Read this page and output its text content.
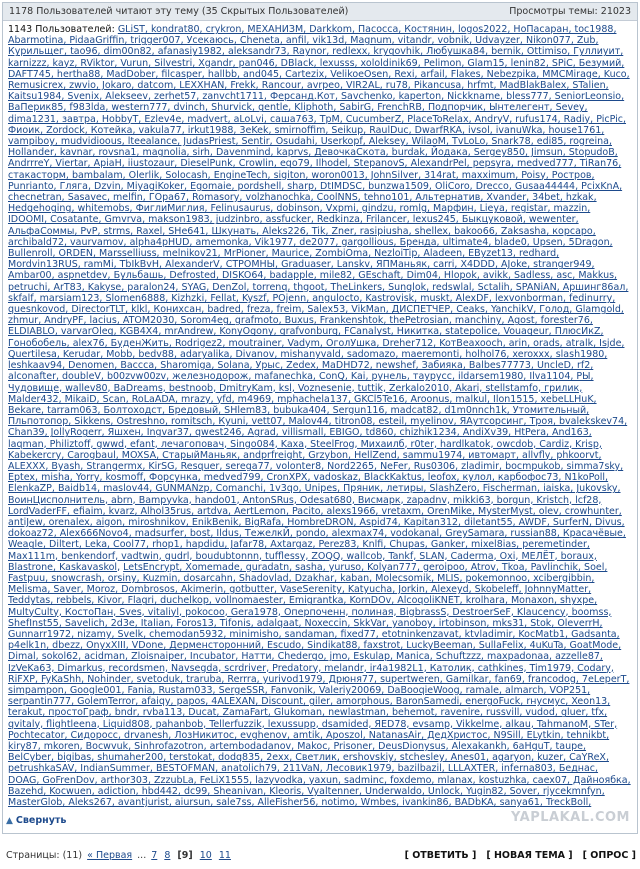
1178 Пользователей читают эту тему (35 Скрытых Пользователей)	Просмотры темы: 21023
1143 Пользователей: GLiST, kondrat80, crykron, МЕХАНИЗМ, Darkkom, Пасосса, Костянин, logos2022, НоПасаран, toc1988, Abarmotina, PidaaGriffin, trigger007, Усекаюсь, Cheneta, anfil, vik13d, Magnum, vitandr, vobnik, Udvayzer, Nikon077, Zub, Курильщег, tao96, dim00n82, afanasiy1982, aleksandr73, Raynor, redlexx, krygovhik, Любушка84, bernik, Ottimiso, Гуллиуит, karnizzz, kayz, RViktor, Vurun, Silvestri, Xgandr, pan046, DBlack, lexusss, xololdinik69, Pelimon, Glam15, lenin82, SPiC, Безумий, DAFT745, hertha88, MadDober, filcasper, hallbb, and045, Cartezix, VelikoeOsen, Rexi, arfail, Flakes, Nebezpika, MMCMirage, Kuco, Remusicrex, zwvio, Jokaro, datcom, LEXXHAN, Frekk, Rancour, avrpeo, VIR2AL, ru78, Pikancusa, hrfmt, MadBlakBalex, STalien, Kaitsu1984, Svenix, Alekseev, zerhet57, zanvcht1711, Ферсанд.Кот, Savchenko, kaperton, Nickkname, bless777, SeniorLeonsio, ВаПерик85, f983lda, western777, dvinch, Shurvick, gentle, Kliphoth, SabirG, FrenchRB, Подпорчик, Ынтелегент, Sevey, dima1231, завтра, HobbyT, Ezlev4e, madvert, aLoLvi, саша763, ТрМ, CucumberZ, PlaceToRelax, AndryV, rufus174, Radiy, PicPic, Фиоик, Zordock, Котейка, vakula77, irkut1988, 3eKek, smirnoffim, Seikup, RaulDuc, DwarfRKA, ivsol, ivanuWka, house1761, vampiboy, mudvidioous, lteealance, JudasPriest, Sentir, Osudahi, Userkopf, Aleksey, WilaoM, TvLoLo, Snark78, edi85, rogreina, Hollander, kavnar, rovsna1, magnolia, sirh, Davenmind, kaprvs, ДевочкаСкота, burdak, Йодака, Sergey850, Jimsun, StopudoB, AndrrreY, Viertar, ApiaH, iiustozaur, DieselPunk, Crowlin, ego79, Ilhodel, StepanovS, AlexandrPel, pepsyra, medved777, TiRan76, стакасторм, bambalam, Olerlik, Solocash, EngineTech, sigiton, woron0013, JohnSilver, 314rat, maxximum, Poisy, Ростров, Punrianto, Гляга, Dzvin, MiyagiKoker, Egomaie, pordshell, sharp, DtIMDSC, bunzwa1509, OliCoro, Drecco, Gusaa44444, PcixKnA, checnetran, Sasavec, melfin, ГОра67, Romasory, volzhanochka, CoolNNS, tehno101, Альтернатив, Xvander, 34bet, hzkak, Hedgehoging, whitemobs, ФиглиМиглия, Felinusaurus, dobinson, Vxpmi, gindzu, romlg, Марфин, Lieya, registar, mazzin, IDOOMI, Cosatante, Gmvrva, makson1983, judzinbro, assfucker, Redkinza, Frilancer, lexus245, Быкцуковой, wewenter, АльфаСоммы, PvP, strms, Raxel, SHe641, Шкунать, Aleks226, Tik, Zner, rasipiusha, shellex, bakoo66, Zaksasha, корсаро, archibald72, vaurvamov, alpha4pHUD, amemonka, Vik1977, de2077, gargollious, Бренда, ultimate4, blade0, Upsen, 5Dragon, Bullenroll, ORDEN, Marsselliuss, melnikov21, MrPioner, Maurice, ZombiOma, NezloiTip, Aladeen, EByzet13, redhard, Mordvin13RUS, ramMi, TbIkBvH, AlexanderV, СТРОМНЫ, Graduaser, Lanskv, ЯПМаньяк, carri, X4DDD, AJoke, stranger949, Ambar00, aspnetdev, Бульбашь, Defrosted, DISKO64, badapple, mile82, GEschaft, Dim04, Hlopok, avikk, Sadless, asc, Makkus, petruchi, ArT83, Kakyse, paralon24, SYAG, DenZol, torrenq, thgoot, TheLinkers, Sunglok, redswlal, Sctalih, SPANiAN, Аршинг86ал, skfalf, marsiam123, Slomen6888, Kizhzki, Fellat, Kyszf, POjenn, angulocto, Kastrovisk, muskt, AlexDF, lexvonborman, fedinurry, quesnkovod, DirectorTLT, klkl, Конихсан, badred, freza, freim, Salex53, VikMan, ДИСПЕТЧЕР, Ceaks, YanchikV, Голод, Glamgold, zhmur, AndryPF, lacius, ATOM2030, Sorom4eg, grafmoto, Buxus, Frankenshtok, thePetrosian, manchiny, Agost, forester76, ELDIABLO, varvarOleg, KGB4X4, mrAndrew, KonyOgony, grafvonburg, FCanalyst, Никитка, statepolice, Vouageur, ПлюсИкZ, Гонобобель, alex76, БуденЖить, Rodrigez2, moutrainer, Vadym, ОголУшка, Dreher712, KoтBeaxooch, arin, orads, atralk, Isjde, Quertilesa, Kerudar, Mobb, bedv88, adaryalika, Divanov, mishanyvald, sadomazo, maeremonti, holhol76, xeroxxx, slash1980, leshkaav94, Denomen, Baccca, Sharomiga, Solana, Урыс, Zedex, MaDHD72, newshef, Забияка, Balbes77773, UncleD, rf2, alconafter, doubleV, b00zvw00zv, железнодорож, mafanechka, ConQ, Kai, рунель, таурусс, ildarsem1980, Ilva1104, РЫ, Чудовище, wallev80, BaDreams, bestnoob, DmitryKam, ksl, Voznesenie, tuttik, Zerkalo2010, Akari, stellstamfo, грилик, Malder432, MikaiD, Scan, RoLaADA, mrazy, yfd, m4969, mphachela137, GKCl5Te16, Aroonus, malkul, Ilon1515, xebeLLHuK, Bekare, tarram063, Болтоходст, Бредовый, SHlem83, bubuka404, Sergun116, madcat82, d1m0nnch1k, Утомительный, Пльпотопор, Sikkens, Ostreshno, romitsch, Кyuni, vett07, Malov44, titron08, esteil, myelinov, ЯАутсорсинг, Троя, bvalekskev74, Chan39, JollyRogerr, Яшхен, Ingvar37, qwest246, Agrad, villismall, EBIGO, td860, chizhik1234, AndiXv39, HtPera, And163, laqman, Philiztoff, gwwd, efant, лечагоповач, Singo084, Kaxa, SteelFrog, Михаилб, r0ter, hardlkatok, owcdob, Cardiz, Krisp, Kabekercry, Carogbaul, MOXSA, СтарыйМаньяк, andprfreight, Grzybon, HellZend, sammu1974, ивтомарт, allvfly, phkoorvt, ALEXXX, Byash, Strangermx, KirSG, Resquer, serega77, volonter8, Nord2265, NeFer, Rus0306, zladimir, bocmpukob, simma7sky, Eptex, misha, Yorry, kosmoff, Форсунка, medved799, CronXPX, vadoskaz, BlackKaktus, leofox, кулол, карбофос73, N1koPoll, ElenkaZP, Baidb14, maslov44, GUNMANzp, Comanchi, 1v3qo, Unipes, Пряник, летиры, SlashZero, Fischerman, iaiska, Jukovsky, ВоинЦисполнитель, abrn, Bampyvka, hando01, AntonSRus, Odesat680, Висмарк, zapadnv, mikki63, borgun, Kristch, lcf28, LordVaderFF, efiaim, kvarz, Alhol35rus, artdva, AertLemon, Pacito, alexs1966, vretaxm, OrenMike, MysterMyst, olev, crowhunter, antiJew, orenalex, aigon, miroshnikov, EnikBenik, BigRafa, HombreDRON, Aspid74, Kapitan312, diletant55, AWDF, SurferN, Divus, dokoaz72, Alex666Novo4, madsurfer, bost, Ildus, ТежелкЙ, pondo, alexmax74, vodokanal, GreySamara, russian88, Красачёвые, Weagle, Diltert, Leka, Cool77, rhop1, hapdidu, Jafar78, Axtargaz, Perez83, Knlfi, Chupas, Ganker, mixel8ias, peremetinder, Max111m, benkendorf, vadtwin, gudrl, boudubtonnn, tufflessy, ZOQQ, wallcob, Tankf, SLAN, Caderma, Oxi, МЕЛЁТ, boraux, Blastrone, Kaskavaskol, LetsEncrypt, Xomemade, guradatn, sasha, yuruso, Kolyan777, geroipoo, Atrov, Tkoa, Pavlinchik, Soel, Fastpuu, snowcrash, orsiny, Kuzmin, dosarcahn, Shadovlad, Dzakhar, kaban, Molecsomik, MLIS, pokemonnoo, xcibergibbin, Melisma, Saver, Moroz, Dombrosos, Akimerin, gotbutter, VaseSerenity, Katyucha, Jorkin, Alexeyd, Skobeleff, JohnnyMatter, Teddytas, rebbels, Kivor, Flagri, duchelkop, vollnomaester, Emigrantka, KornDOv, AlcoqoliKNET, krolhara, Monaxon, shyxpe, MultyCulty, КостоПан, Sves, vitaliyl, pokocoo, Gera1978, Оперпоченн, полиная, BigbrassS, DestroerSeF, Klaucency, boomss, ShefInst55, Savelich, 2d3e, Italian, Foros13, Tifonis, adalqaat, Noxeccin, SkkVar, yanoboy, irtobinson, mks31, Stok, OleverrH, Gunnarr1972, nizamy, Svelk, chemodan5932, minimisho, sandaman, fixed77, etotninkenzavat, ktvladimir, KocMatb1, Gadsanta, p4elk1n, dbezz, OnyxXIII, VDone, Дерменсторонний, Escudo, Sindikat88, faxstrot, LuckyBeeman, SullaFelix, 4uKuTa, GoatMode, Dimal, sokol62, acidman, Zloisnaiper, Incubator, Натти, Chedergo, jmo, Eskulap, Manica, Schuftzzz, maxpadonaa, azzelle87, IzVeKa63, Dimarkus, recordsmen, Navsegda, scrdriver, Predatory, melandr, ir4a1982L1, Католик, cathkines, Tim1979, Codary, RiFXP, FyKaShh, Nohinder, svetoduk, traruba, Rerrra, yurivod1979, Дрюня77, supertweren, Gamilkar, fan69, francodog, 7eLeperT, simpampon, Google001, Fania, Rustam033, SergeSSR, Fanvonik, Valeriy20069, DaBooqieWoog, ramale, almarch, VOP251, serpantin777, GolemTerror, afaiqy, papos, 4ALEXAN, Discount, giler, amorphous, BaronSamedi, energoFuck, rнусмус, Xeon13, terakut, простоГраф, bndr, rvba113, Ducat, ZamaFart, Glukoman, newlastman, behemot, ravenire, russvill, vudod, gluer, tfx, qvitaly, flightleena, Liquid808, pahanbob, Tellerfuzzik, lexussupp, dsamided, ЯЕD78, evsamp, Vikkelme, alkau, TahmanoM, STer, Pochtecator, Сидоросс, drvanesh, ЛозНикитос, evghenov, amtik, Aposzol, NatanasAir, ДедХристос, N9Sill, ELytkin, tehnikbt, kiry87, mkoren, Bocwvuk, Sinhrofazotron, artembodadanov, Makoc, Prisoner, DeusDionysus, Alexakankh, 6aHguT, taupe, BelCyber, bigibas, shumaher200, terstokat, dodq835, 2exx, Светлик, ershovskiy, stchesley, Anes01, agaryon, kuzer, CaYReX, petrushkaSAV, IndianSummer, BESTOFMAN, anatolich79, 211VaN, Лесовик1979, bazilbazil, LLLAXTER, inferna803, Беднас, DOAG, GoFrenDov, arthor303, ZzzubLa, FeLiX1555, lazyvodka, yaxun, sadminc, foxdemo, mlanax, kostuzhka, caex07, Дайноябка, Bazehd, Kocwuen, adiction, hbd442, dc99, Sheanivan, Kleoris, Vyaltenner, Underwaldo, Unlock, Yugin82, Sover, rjycekmnfyn, MasterGlob, Aleks267, avantjurist, aiursun, sale7ss, AlleFisher56, notimo, Wmbes, ivankin86, BADbKA, sanya61, TreckBoll,
▲ Свернуть	YAPLAKAL.COM
Страницы: (11) « Первая ... 7 8 [9] 10 11	[ ОТВЕТИТЬ ] [ НОВАЯ ТЕМА ] [ ОПРОС ]
